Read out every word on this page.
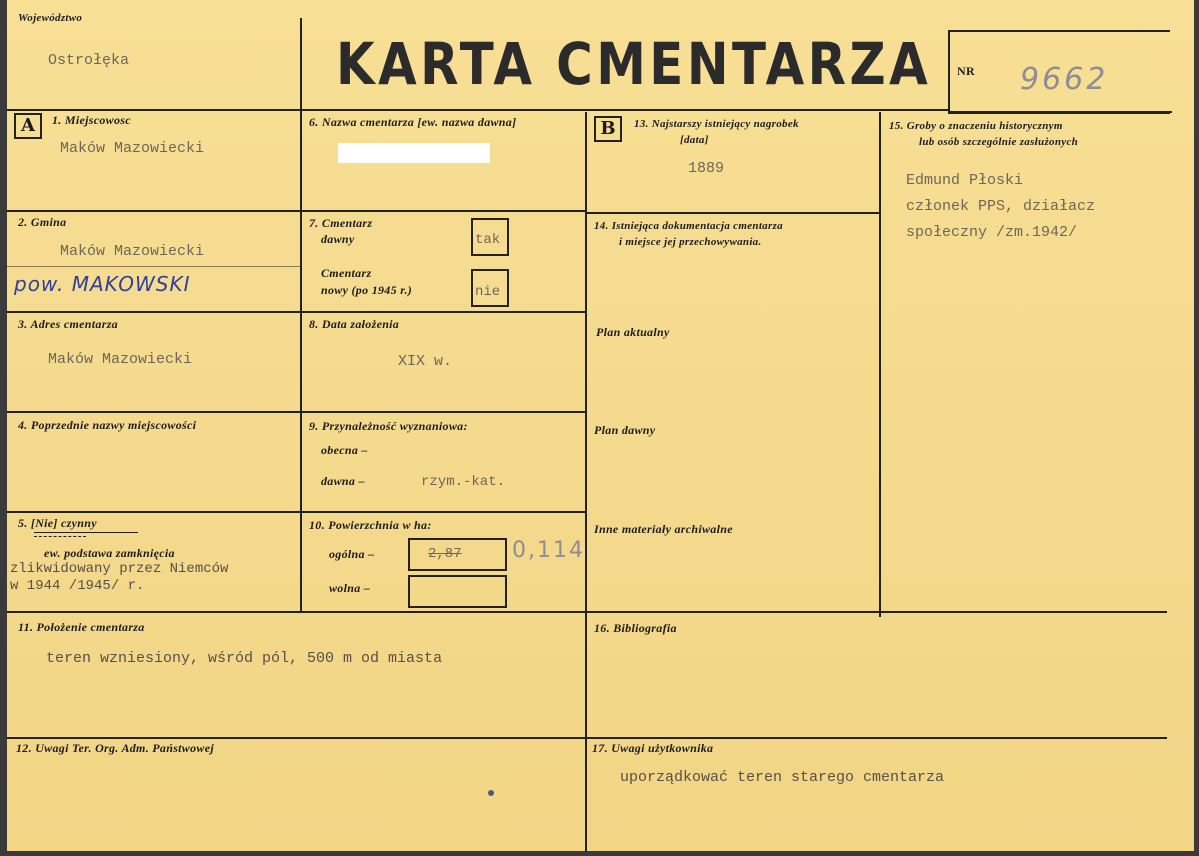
Województwo
Ostrołęka	KARTA CMENTARZA NR 9662
A	1. Miejscowosc
Maków Mazowiecki
2. Gmina
Maków Mazowiecki
pow. MAKOWSKI
3. Adres cmentarza
Maków Mazowiecki
4. Poprzednie nazwy miejscowości
5. [Nie] czynny
ew. podstawa zamknięcia
zlikwidowany przez Niemców
w 1944 /1945/ r.
6. Nazwa cmentarza [ew. nazwa dawna]
7. Cmentarz
dawny	tak
Cmentarz
nowy (po 1945 r.)	nie
8. Data założenia
XIX w.
9. Przynależność wyznaniowa:
obecna –
dawna –	rzym.-kat.
10. Powierzchnia w ha:
ogólna –	2,87 0,114
wolna –
B	13. Najstarszy istniejący nagrobek
[data]
1889
14. Istniejąca dokumentacja cmentarza
i miejsce jej przechowywania.
Plan aktualny
Plan dawny
Inne materiały archiwalne
15. Groby o znaczeniu historycznym
lub osób szczególnie zasłużonych
Edmund Płoski
członek PPS, działacz
społeczny /zm.1942/
11. Położenie cmentarza
teren wzniesiony, wśród pól, 500 m od miasta
16. Bibliografia
12. Uwagi Ter. Org. Adm. Państwowej	17. Uwagi użytkownika
uporządkować teren starego cmentarza
